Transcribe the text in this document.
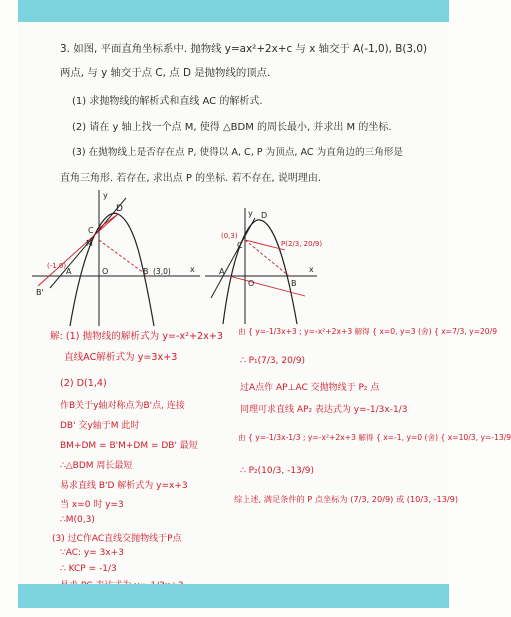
3. 如图, 平面直角坐标系中. 抛物线 y=ax²+2x+c 与 x 轴交于 A(-1,0), B(3,0)
两点, 与 y 轴交于点 C, 点 D 是抛物线的顶点.
(1) 求抛物线的解析式和直线 AC 的解析式.
(2) 请在 y 轴上找一个点 M, 使得 △BDM 的周长最小, 并求出 M 的坐标.
(3) 在抛物线上是否存在点 P, 使得以 A, C, P 为顶点, AC 为直角边的三角形是
直角三角形. 若存在, 求出点 P 的坐标. 若不存在, 说明理由.
D
C
M
(-1,0)
A	O	B (3,0)
B'
x
y
(0,3)
C
D
P(2/3, 20/9)
A
O	B
x
y
解: (1) 抛物线的解析式为 y=-x²+2x+3
直线AC解析式为 y=3x+3
(2) D(1,4)
作B关于y轴对称点为B'点, 连接
DB' 交y轴于M 此时
BM+DM = B'M+DM = DB' 最短
∴△BDM 周长最短
易求直线 B'D 解析式为 y=x+3
当 x=0 时 y=3
∴M(0,3)
(3) 过C作AC直线交抛物线于P点
∵AC: y= 3x+3
∴ KCP = -1/3
由 { y=-1/3x+3 ; y=-x²+2x+3 解得 { x=0, y=3 (舍) { x=7/3, y=20/9
∴ P₁(7/3, 20/9)
过A点作 AP⊥AC 交抛物线于 P₂ 点
同理可求直线 AP₂ 表达式为 y=-1/3x-1/3
由 { y=-1/3x-1/3 ; y=-x²+2x+3 解得 { x=-1, y=0 (舍) { x=10/3, y=-13/9
∴ P₂(10/3, -13/9)
综上述, 满足条件的 P 点坐标为 (7/3, 20/9) 或 (10/3, -13/9)
